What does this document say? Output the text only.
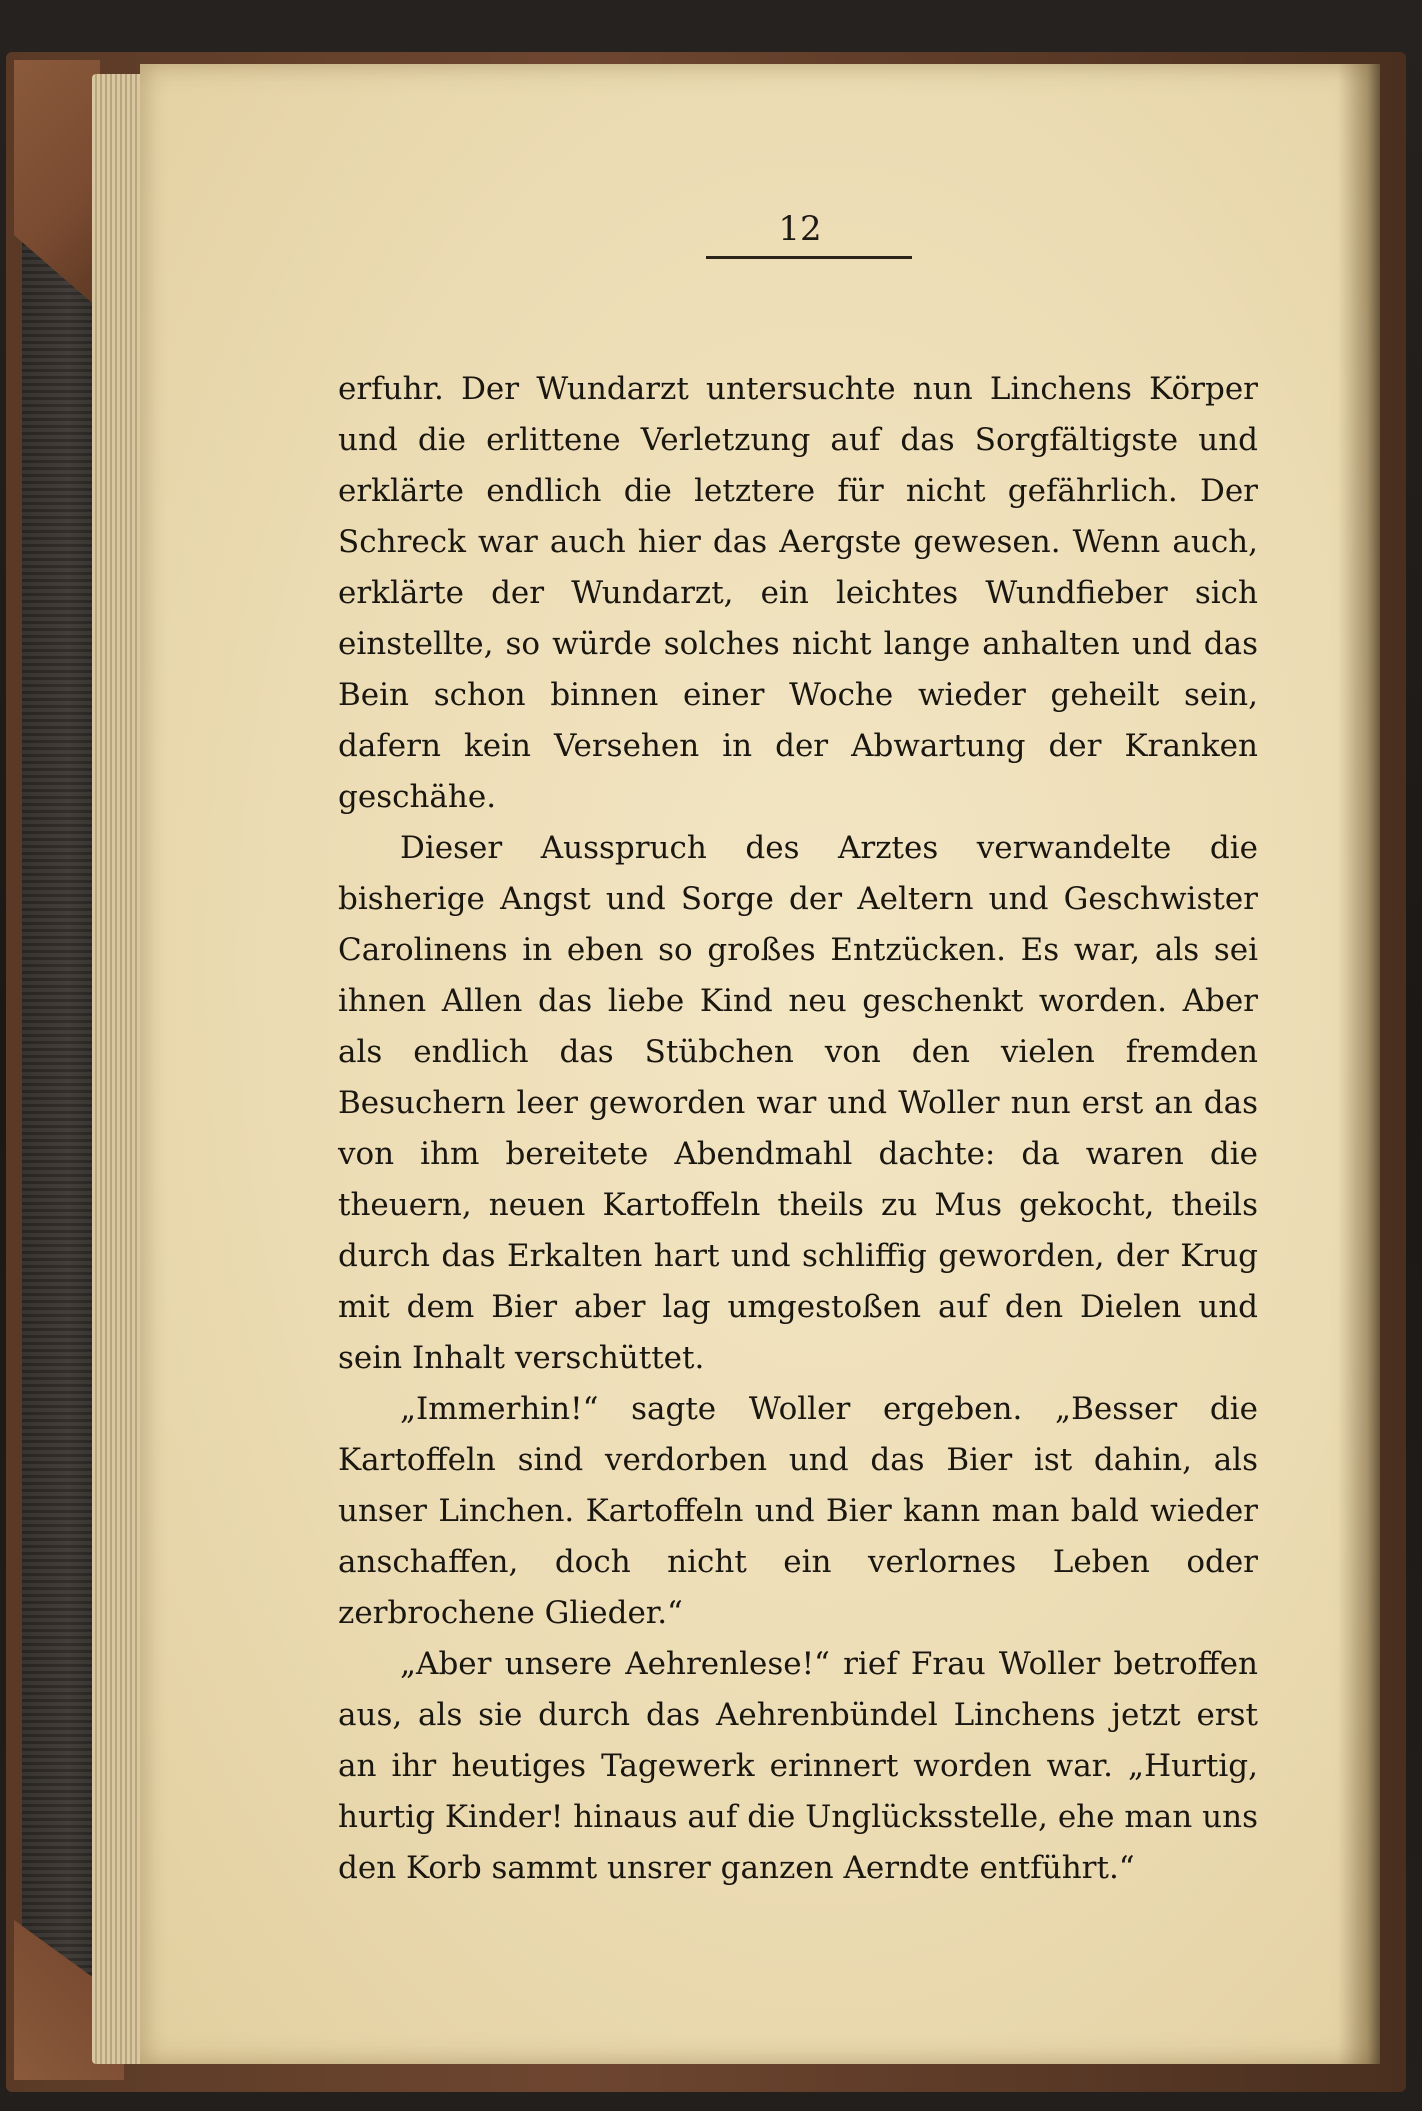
12

erfuhr. Der Wundarzt untersuchte nun Linchens Körper und die erlittene Verletzung auf das Sorgfältigste und erklärte endlich die letztere für nicht gefährlich. Der Schreck war auch hier das Aergste gewesen. Wenn auch, erklärte der Wundarzt, ein leichtes Wundfieber sich einstellte, so würde solches nicht lange anhalten und das Bein schon binnen einer Woche wieder geheilt sein, dafern kein Versehen in der Abwartung der Kranken geschähe.

Dieser Ausspruch des Arztes verwandelte die bisherige Angst und Sorge der Aeltern und Geschwister Carolinens in eben so großes Entzücken. Es war, als sei ihnen Allen das liebe Kind neu geschenkt worden. Aber als endlich das Stübchen von den vielen fremden Besuchern leer geworden war und Woller nun erst an das von ihm bereitete Abendmahl dachte: da waren die theuern, neuen Kartoffeln theils zu Mus gekocht, theils durch das Erkalten hart und schliffig geworden, der Krug mit dem Bier aber lag umgestoßen auf den Dielen und sein Inhalt verschüttet.

„Immerhin!“ sagte Woller ergeben. „Besser die Kartoffeln sind verdorben und das Bier ist dahin, als unser Linchen. Kartoffeln und Bier kann man bald wieder anschaffen, doch nicht ein verlornes Leben oder zerbrochene Glieder.“

„Aber unsere Aehrenlese!“ rief Frau Woller betroffen aus, als sie durch das Aehrenbündel Linchens jetzt erst an ihr heutiges Tagewerk erinnert worden war. „Hurtig, hurtig Kinder! hinaus auf die Unglücksstelle, ehe man uns den Korb sammt unsrer ganzen Aerndte entführt.“
